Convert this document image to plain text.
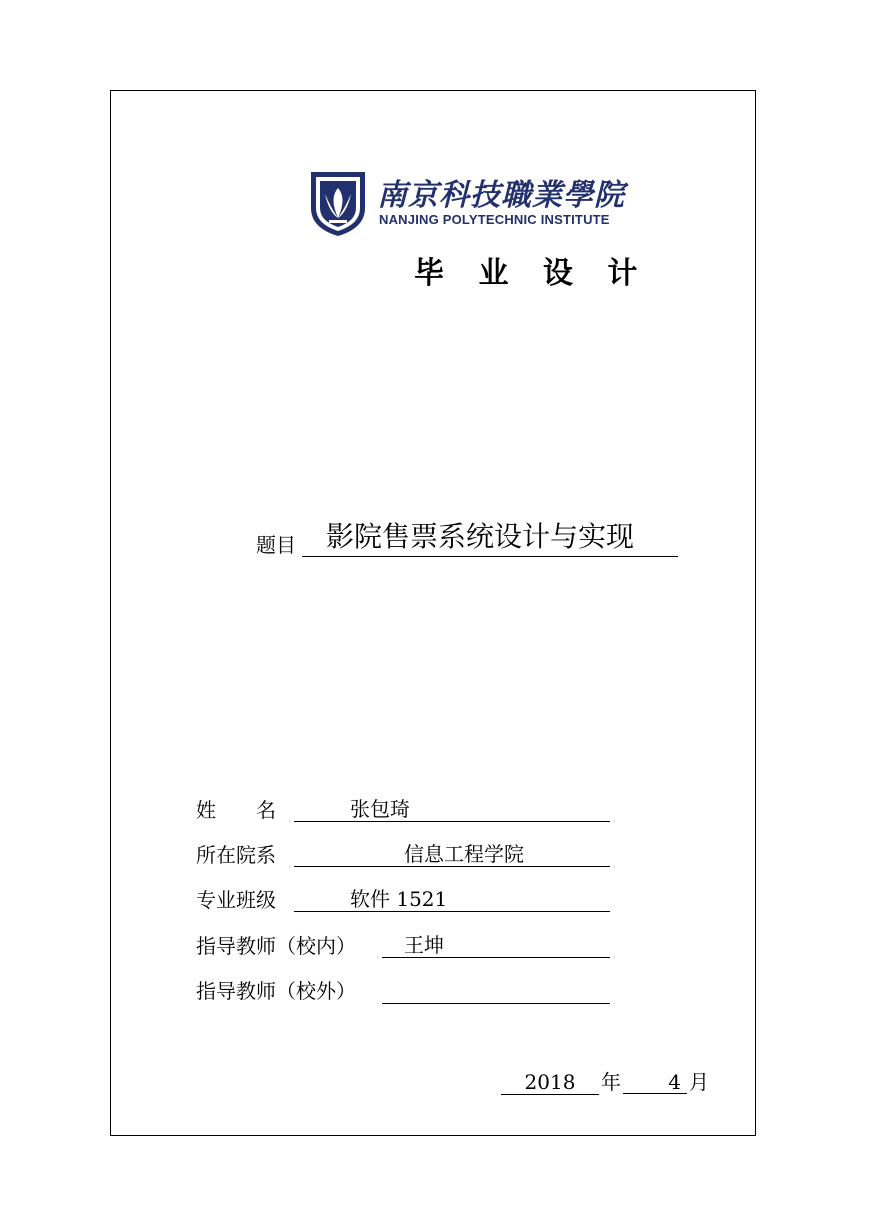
南京科技職業學院
NANJING POLYTECHNIC INSTITUTE
毕 业 设 计
题目	影院售票系统设计与实现
姓　　名	张包琦
所在院系	信息工程学院
专业班级	软件 1521
指导教师（校内）	王坤
指导教师（校外）
2018	年	4 月
